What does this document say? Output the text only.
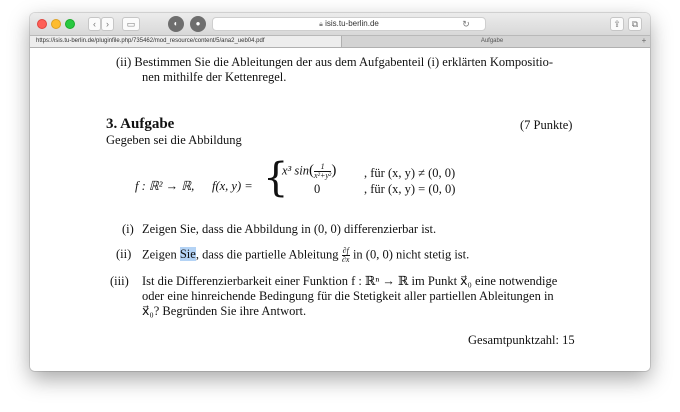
‹	›	▭	◐	●	🔒︎ isis.tu-berlin.de	↻	⇪	⧉
https://isis.tu-berlin.de/pluginfile.php/735462/mod_resource/content/5/ana2_ueb04.pdf	Aufgabe	+
(ii) Bestimmen Sie die Ableitungen der aus dem Aufgabenteil (i) erklärten Kompositio-
nen mithilfe der Kettenregel.
3. Aufgabe	(7 Punkte)
Gegeben sei die Abbildung
f : ℝ² → ℝ, f(x, y) = {
x³ $\sin( \frac{1}{\text{x²+y²}}$ ) , für (x, y) ≠ (0, 0)
0	, für (x, y) = (0, 0)
(i) Zeigen Sie, dass die Abbildung in (0, 0) differenzierbar ist.
(ii) Zeigen Sie, dass die partielle Ableitung $\frac{\partial f}{\partial x}$ in (0, 0) nicht stetig ist.
(iii) Ist die Differenzierbarkeit einer Funktion f : ℝⁿ → ℝ im Punkt x⃗₀ eine notwendige
oder eine hinreichende Bedingung für die Stetigkeit aller partiellen Ableitungen in
x⃗₀? Begründen Sie ihre Antwort.
Gesamtpunktzahl: 15
